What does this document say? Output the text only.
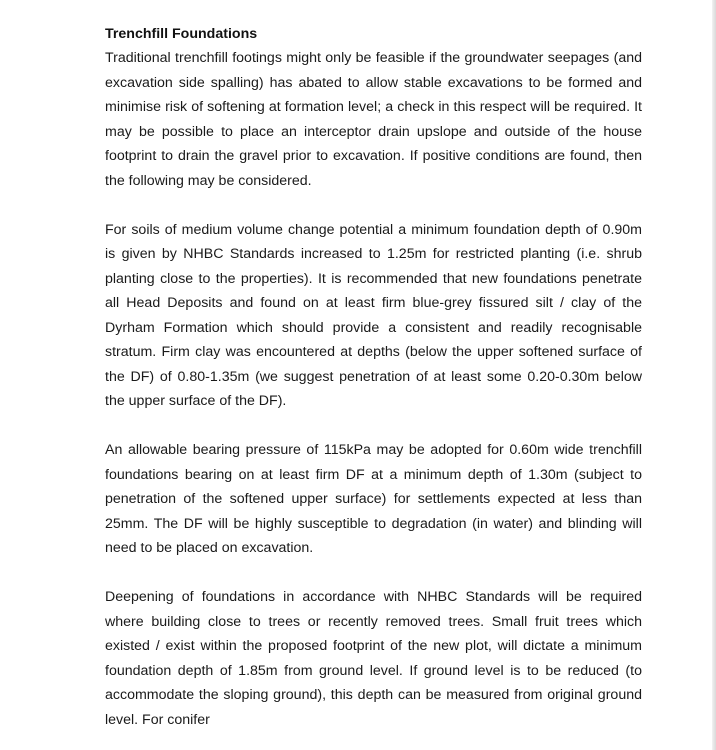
Trenchfill Foundations

Traditional trenchfill footings might only be feasible if the groundwater seepages (and excavation side spalling) has abated to allow stable excavations to be formed and minimise risk of softening at formation level; a check in this respect will be required. It may be possible to place an interceptor drain upslope and outside of the house footprint to drain the gravel prior to excavation. If positive conditions are found, then the following may be considered.

For soils of medium volume change potential a minimum foundation depth of 0.90m is given by NHBC Standards increased to 1.25m for restricted planting (i.e. shrub planting close to the properties). It is recommended that new foundations penetrate all Head Deposits and found on at least firm blue-grey fissured silt / clay of the Dyrham Formation which should provide a consistent and readily recognisable stratum. Firm clay was encountered at depths (below the upper softened surface of the DF) of 0.80-1.35m (we suggest penetration of at least some 0.20-0.30m below the upper surface of the DF).

An allowable bearing pressure of 115kPa may be adopted for 0.60m wide trenchfill foundations bearing on at least firm DF at a minimum depth of 1.30m (subject to penetration of the softened upper surface) for settlements expected at less than 25mm. The DF will be highly susceptible to degradation (in water) and blinding will need to be placed on excavation.

Deepening of foundations in accordance with NHBC Standards will be required where building close to trees or recently removed trees. Small fruit trees which existed / exist within the proposed footprint of the new plot, will dictate a minimum foundation depth of 1.85m from ground level. If ground level is to be reduced (to accommodate the sloping ground), this depth can be measured from original ground level. For conifer
